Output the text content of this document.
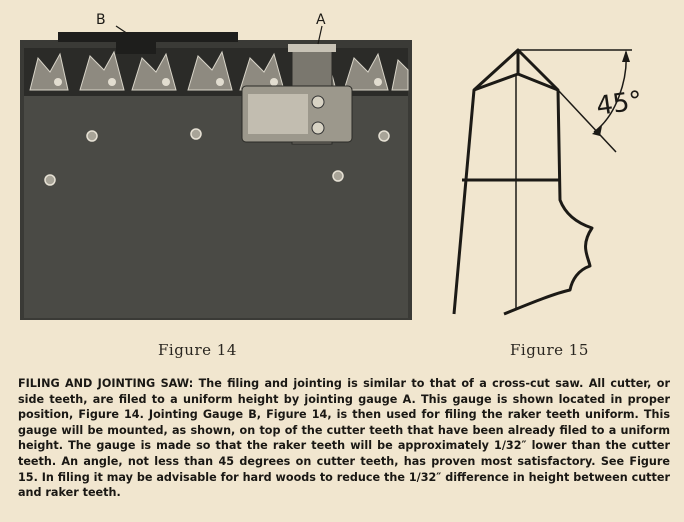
B	A
45°
Figure 14	Figure 15
FILING AND JOINTING SAW: The filing and jointing is similar to that of a cross-cut saw. All cutter, or side teeth, are filed to a uniform height by jointing gauge A. This gauge is shown located in proper position, Figure 14. Jointing Gauge B, Figure 14, is then used for filing the raker teeth uniform. This gauge will be mounted, as shown, on top of the cutter teeth that have been already filed to a uniform height. The gauge is made so that the raker teeth will be approximately 1/32″ lower than the cutter teeth. An angle, not less than 45 degrees on cutter teeth, has proven most satisfactory. See Figure 15. In filing it may be advisable for hard woods to reduce the 1/32″ difference in height between cutter and raker teeth.
